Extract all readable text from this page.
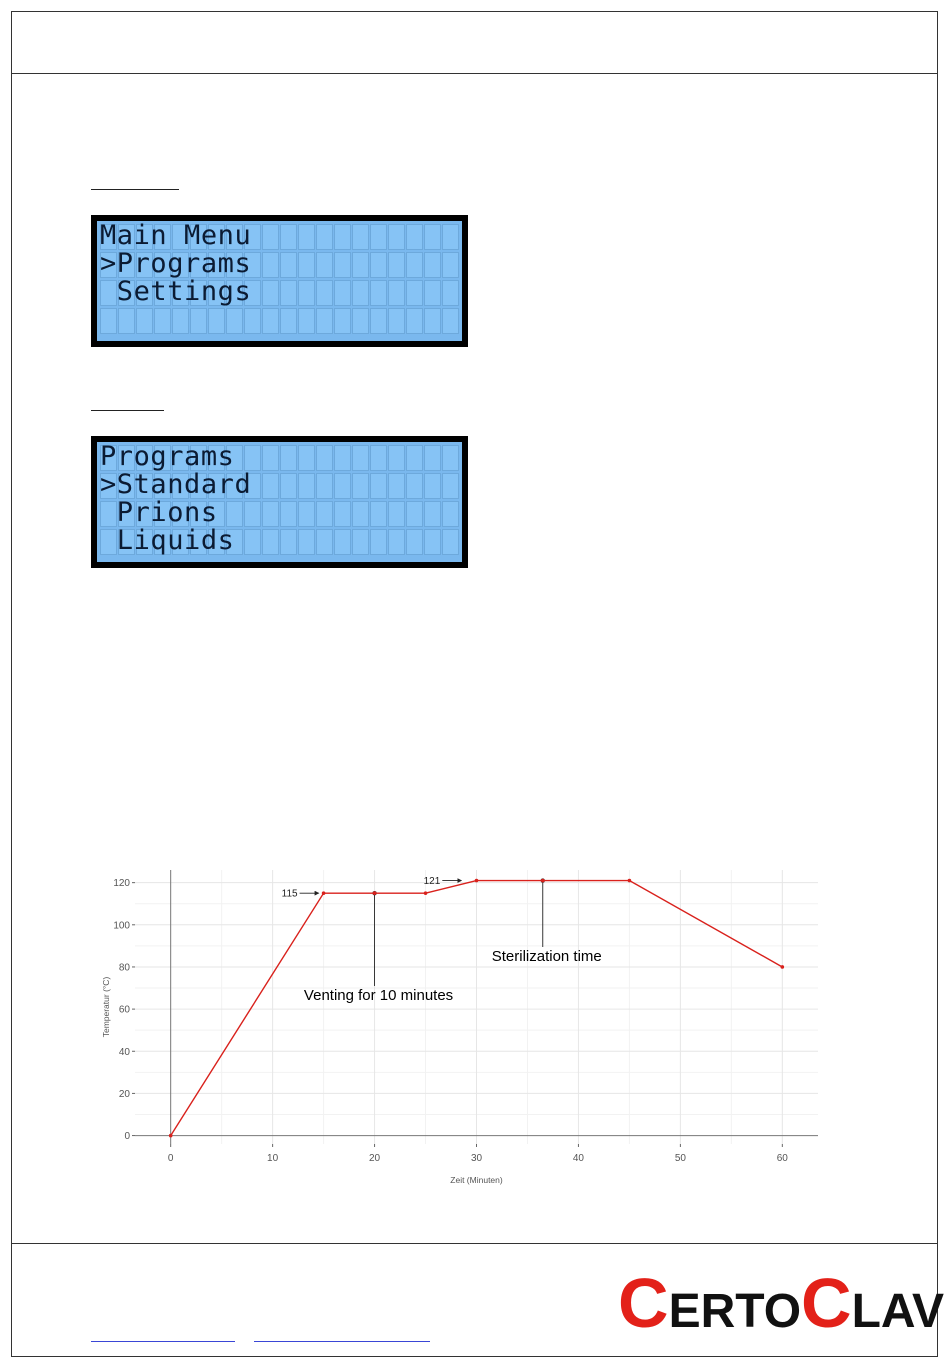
Main Menu
>Programs
Settings
Programs
>Standard
Prions
Liquids
0	10	20	30	40	50	60
0
20
40
60
80
100
120
115
121
Venting for 10 minutes
Sterilization time
Zeit (Minuten)
Temperatur (°C)
CERTOCLAV
